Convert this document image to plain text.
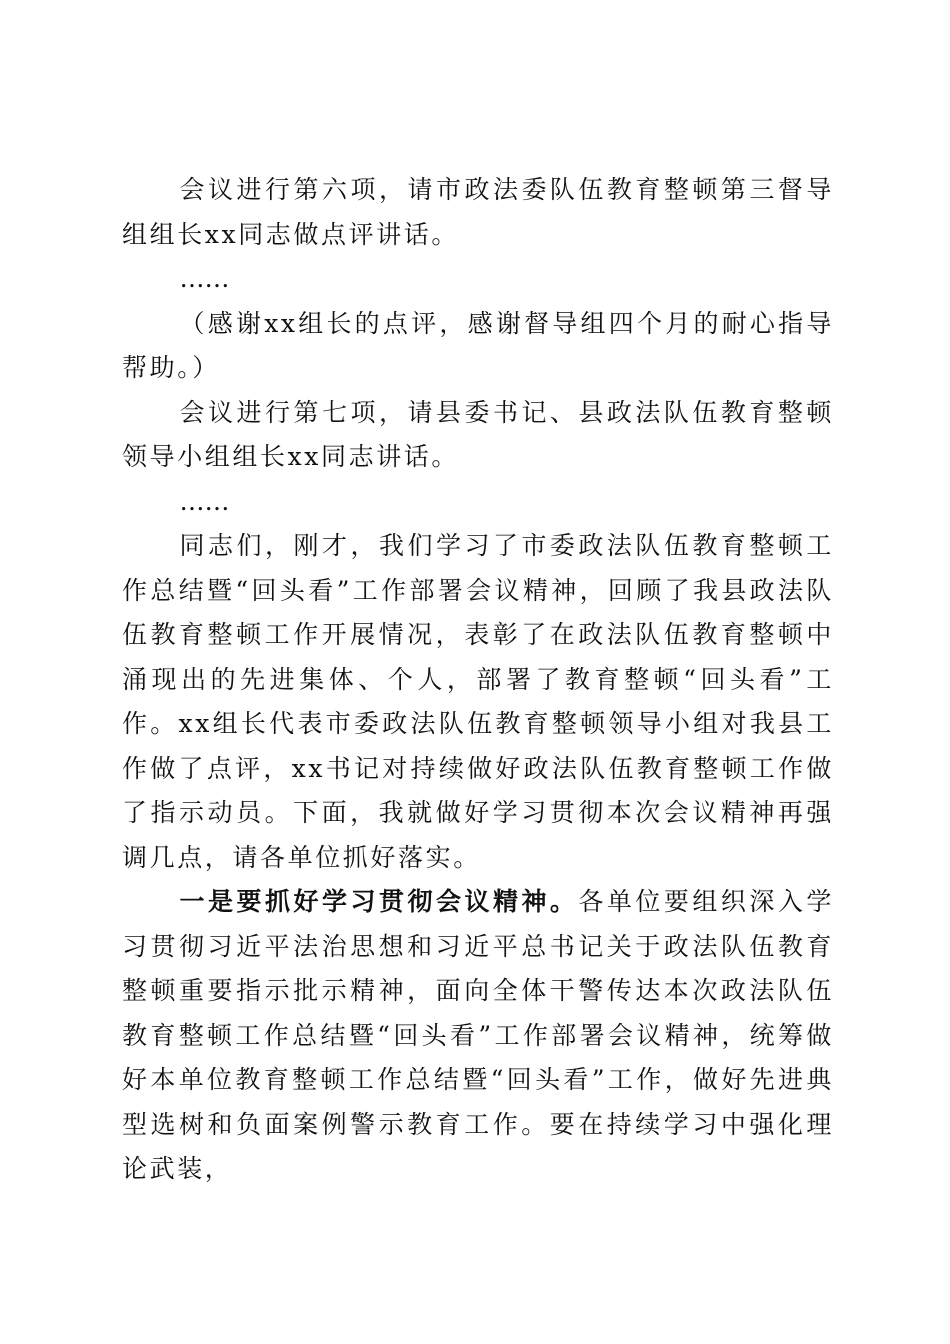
会议进行第六项，请市政法委队伍教育整顿第三督导组组长xx同志做点评讲话。

……

（感谢xx组长的点评，感谢督导组四个月的耐心指导帮助。）

会议进行第七项，请县委书记、县政法队伍教育整顿领导小组组长xx同志讲话。

……

同志们，刚才，我们学习了市委政法队伍教育整顿工作总结暨“回头看”工作部署会议精神，回顾了我县政法队伍教育整顿工作开展情况，表彰了在政法队伍教育整顿中涌现出的先进集体、个人，部署了教育整顿“回头看”工作。xx组长代表市委政法队伍教育整顿领导小组对我县工作做了点评，xx书记对持续做好政法队伍教育整顿工作做了指示动员。下面，我就做好学习贯彻本次会议精神再强调几点，请各单位抓好落实。

一是要抓好学习贯彻会议精神。各单位要组织深入学习贯彻习近平法治思想和习近平总书记关于政法队伍教育整顿重要指示批示精神，面向全体干警传达本次政法队伍教育整顿工作总结暨“回头看”工作部署会议精神，统筹做好本单位教育整顿工作总结暨“回头看”工作，做好先进典型选树和负面案例警示教育工作。要在持续学习中强化理论武装，
